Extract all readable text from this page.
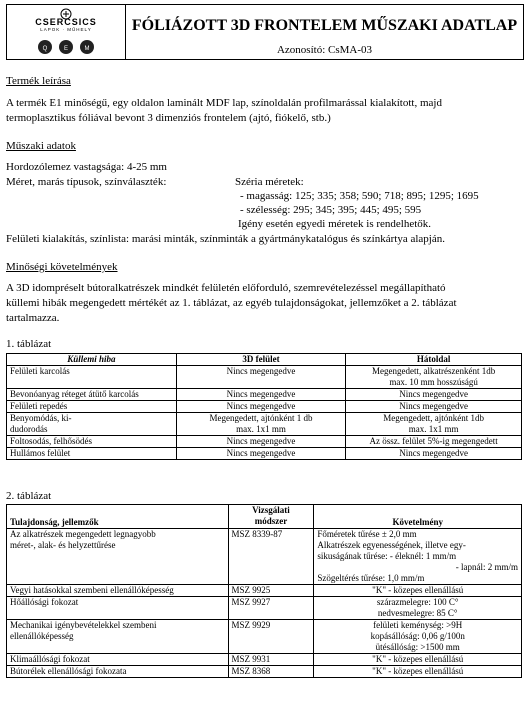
Q	E	M
CSERCSICS
LAPOK · MŰHELY	FÓLIÁZOTT 3D FRONTELEM MŰSZAKI ADATLAP
Azonosító: CsMA-03
Termék leírása
A termék E1 minőségű, egy oldalon laminált MDF lap, színoldalán profilmarással kialakított, majd
termoplasztikus fóliával bevont 3 dimenziós frontelem (ajtó, fiókelő, stb.)
Műszaki adatok
Hordozólemez vastagsága: 4-25 mm
Méret, marás típusok, színválaszték:	Széria méretek:
- magasság: 125; 335; 358; 590; 718; 895; 1295; 1695
- szélesség: 295; 345; 395; 445; 495; 595
Igény esetén egyedi méretek is rendelhetők.
Felületi kialakítás, színlista: marási minták, színminták a gyártmánykatalógus és színkártya alapján.
Minőségi követelmények
A 3D idompréselt bútoralkatrészek mindkét felületén előforduló, szemrevételezéssel megállapítható
küllemi hibák megengedett mértékét az 1. táblázat, az egyéb tulajdonságokat, jellemzőket a 2. táblázat
tartalmazza.
1. táblázat
Küllemi hiba	3D felület	Hátoldal
Felületi karcolás	Nincs megengedve	Megengedett, alkatrészenként 1db
max. 10 mm hosszúságú
Bevonóanyag réteget átütő karcolás	Nincs megengedve	Nincs megengedve
Felületi repedés	Nincs megengedve	Nincs megengedve
Benyomódás, ki-
dudorodás	Megengedett, ajtónként 1 db
max. 1x1 mm	Megengedett, ajtónként 1db
max. 1x1 mm
Foltosodás, felhősödés	Nincs megengedve	Az össz. felület 5%-ig megengedett
Hullámos felület	Nincs megengedve	Nincs megengedve
2. táblázat
Tulajdonság, jellemzők	Vizsgálati
módszer	Követelmény
Az alkatrészek megengedett legnagyobb
méret-, alak- és helyzettűrése	MSZ 8339-87	Főméretek tűrése ± 2,0 mm
Alkatrészek egyenességének, illetve egy-
sikuságának tűrése: - éleknél: 1 mm/m

- lapnál: 2 mm/m
Szögeltérés tűrése: 1,0 mm/m
Vegyi hatásokkal szembeni ellenállóképesség	MSZ 9925	"K" - közepes ellenállású
Hőállósági fokozat	MSZ 9927	szárazmelegre: 100 C°
nedvesmelegre: 85 C°
Mechanikai igénybevételekkel szembeni
ellenállóképesség	MSZ 9929	felületi keménység: >9H
kopásállóság: 0,06 g/100n
ütésállóság: >1500 mm
Klimaállósági fokozat	MSZ 9931	"K" - közepes ellenállású
Bútorélek ellenállósági fokozata	MSZ 8368	"K" - közepes ellenállású
